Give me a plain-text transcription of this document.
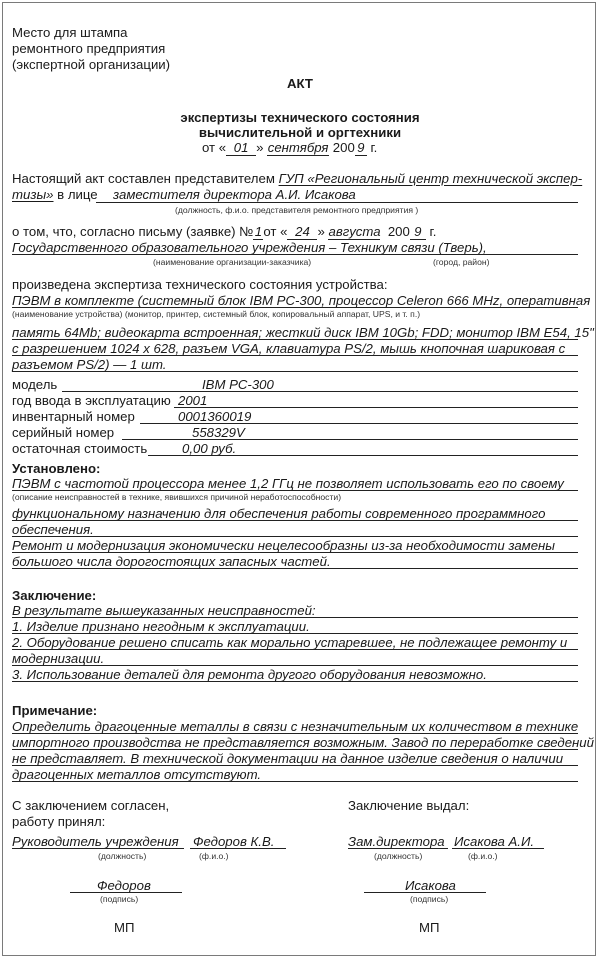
Место для штампа
ремонтного предприятия
(экспертной организации)
АКТ
экспертизы технического состояния
вычислительной и оргтехники
от « 01 » сентября 200 9 г.
Настоящий акт составлен представителем ГУП «Региональный центр технической экспер-
тизы» в лице заместителя директора А.И. Исакова
(должность, ф.и.о. представителя ремонтного предприятия )
о том, что, согласно письму (заявке) №1от « 24 » августа 200 9 г.
Государственного образовательного учреждения – Техникум связи (Тверь),
(наименование организации-заказчика)	(город, район)
произведена экспертиза технического состояния устройства:
ПЭВМ в комплекте (системный блок IBM PC-300, процессор Celeron 666 MHz, оперативная
(наименование устройства) (монитор, принтер, системный блок, копировальный аппарат, UPS, и т. п.)
память 64Mb; видеокарта встроенная; жесткий диск IBM 10Gb; FDD; монитор IBM E54, 15"
с разрешением 1024 х 628, разъем VGA, клавиатура PS/2, мышь кнопочная шариковая с
разъемом PS/2) — 1 шт.
модель	IBM PC-300
год ввода в эксплуатацию 2001
инвентарный номер	0001360019
серийный номер	558329V
остаточная стоимость	0,00 руб.
Установлено:
ПЭВМ с частотой процессора менее 1,2 ГГц не позволяет использовать его по своему
(описание неисправностей в технике, явившихся причиной неработоспособности)
функциональному назначению для обеспечения работы современного программного
обеспечения.
Ремонт и модернизация экономически нецелесообразны из-за необходимости замены
большого числа дорогостоящих запасных частей.
Заключение:
В результате вышеуказанных неисправностей:
1. Изделие признано негодным к эксплуатации.
2. Оборудование решено списать как морально устаревшее, не подлежащее ремонту и
модернизации.
3. Использование деталей для ремонта другого оборудования невозможно.
Примечание:
Определить драгоценные металлы в связи с незначительным их количеством в технике
импортного производства не представляется возможным. Завод по переработке сведений
не представляет. В технической документации на данное изделие сведения о наличии
драгоценных металлов отсутствуют.
С заключением согласен,
работу принял:
Руководитель учреждения Федоров К.В.
(должность)	(ф.и.о.)
Федоров
(подпись)
МП
Заключение выдал:
Зам.директора Исакова А.И.
(должность)	(ф.и.о.)
Исакова
(подпись)
МП
